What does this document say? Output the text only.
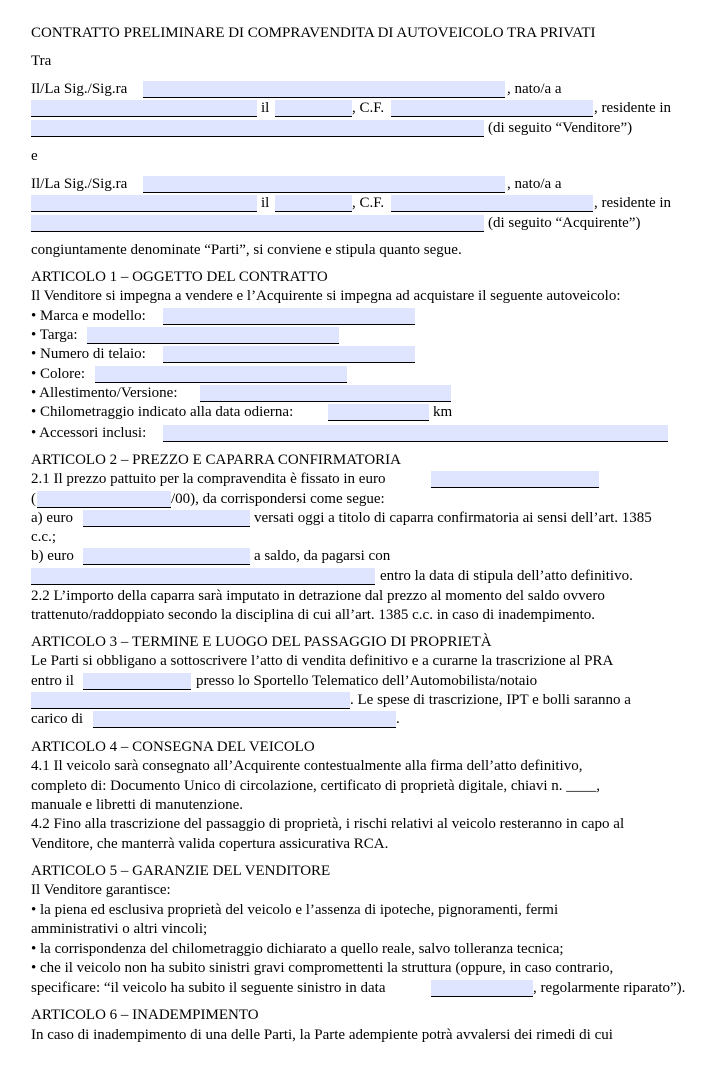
CONTRATTO PRELIMINARE DI COMPRAVENDITA DI AUTOVEICOLO TRA PRIVATI
Tra
Il/La Sig./Sig.ra	, nato/a a
il	, C.F.	, residente in
(di seguito “Venditore”)
e
Il/La Sig./Sig.ra	, nato/a a
il	, C.F.	, residente in
(di seguito “Acquirente”)
congiuntamente denominate “Parti”, si conviene e stipula quanto segue.
ARTICOLO 1 – OGGETTO DEL CONTRATTO
Il Venditore si impegna a vendere e l’Acquirente si impegna ad acquistare il seguente autoveicolo:
• Marca e modello:
• Targa:
• Numero di telaio:
• Colore:
• Allestimento/Versione:
• Chilometraggio indicato alla data odierna:	km
• Accessori inclusi:
ARTICOLO 2 – PREZZO E CAPARRA CONFIRMATORIA
2.1 Il prezzo pattuito per la compravendita è fissato in euro
(	/00), da corrispondersi come segue:
a) euro	versati oggi a titolo di caparra confirmatoria ai sensi dell’art. 1385
c.c.;
b) euro	a saldo, da pagarsi con
entro la data di stipula dell’atto definitivo.
2.2 L’importo della caparra sarà imputato in detrazione dal prezzo al momento del saldo ovvero
trattenuto/raddoppiato secondo la disciplina di cui all’art. 1385 c.c. in caso di inadempimento.
ARTICOLO 3 – TERMINE E LUOGO DEL PASSAGGIO DI PROPRIETÀ
Le Parti si obbligano a sottoscrivere l’atto di vendita definitivo e a curarne la trascrizione al PRA
entro il	presso lo Sportello Telematico dell’Automobilista/notaio
. Le spese di trascrizione, IPT e bolli saranno a
carico di	.
ARTICOLO 4 – CONSEGNA DEL VEICOLO
4.1 Il veicolo sarà consegnato all’Acquirente contestualmente alla firma dell’atto definitivo,
completo di: Documento Unico di circolazione, certificato di proprietà digitale, chiavi n. ____,
manuale e libretti di manutenzione.
4.2 Fino alla trascrizione del passaggio di proprietà, i rischi relativi al veicolo resteranno in capo al
Venditore, che manterrà valida copertura assicurativa RCA.
ARTICOLO 5 – GARANZIE DEL VENDITORE
Il Venditore garantisce:
• la piena ed esclusiva proprietà del veicolo e l’assenza di ipoteche, pignoramenti, fermi
amministrativi o altri vincoli;
• la corrispondenza del chilometraggio dichiarato a quello reale, salvo tolleranza tecnica;
• che il veicolo non ha subito sinistri gravi compromettenti la struttura (oppure, in caso contrario,
specificare: “il veicolo ha subito il seguente sinistro in data	, regolarmente riparato”).
ARTICOLO 6 – INADEMPIMENTO
In caso di inadempimento di una delle Parti, la Parte adempiente potrà avvalersi dei rimedi di cui
